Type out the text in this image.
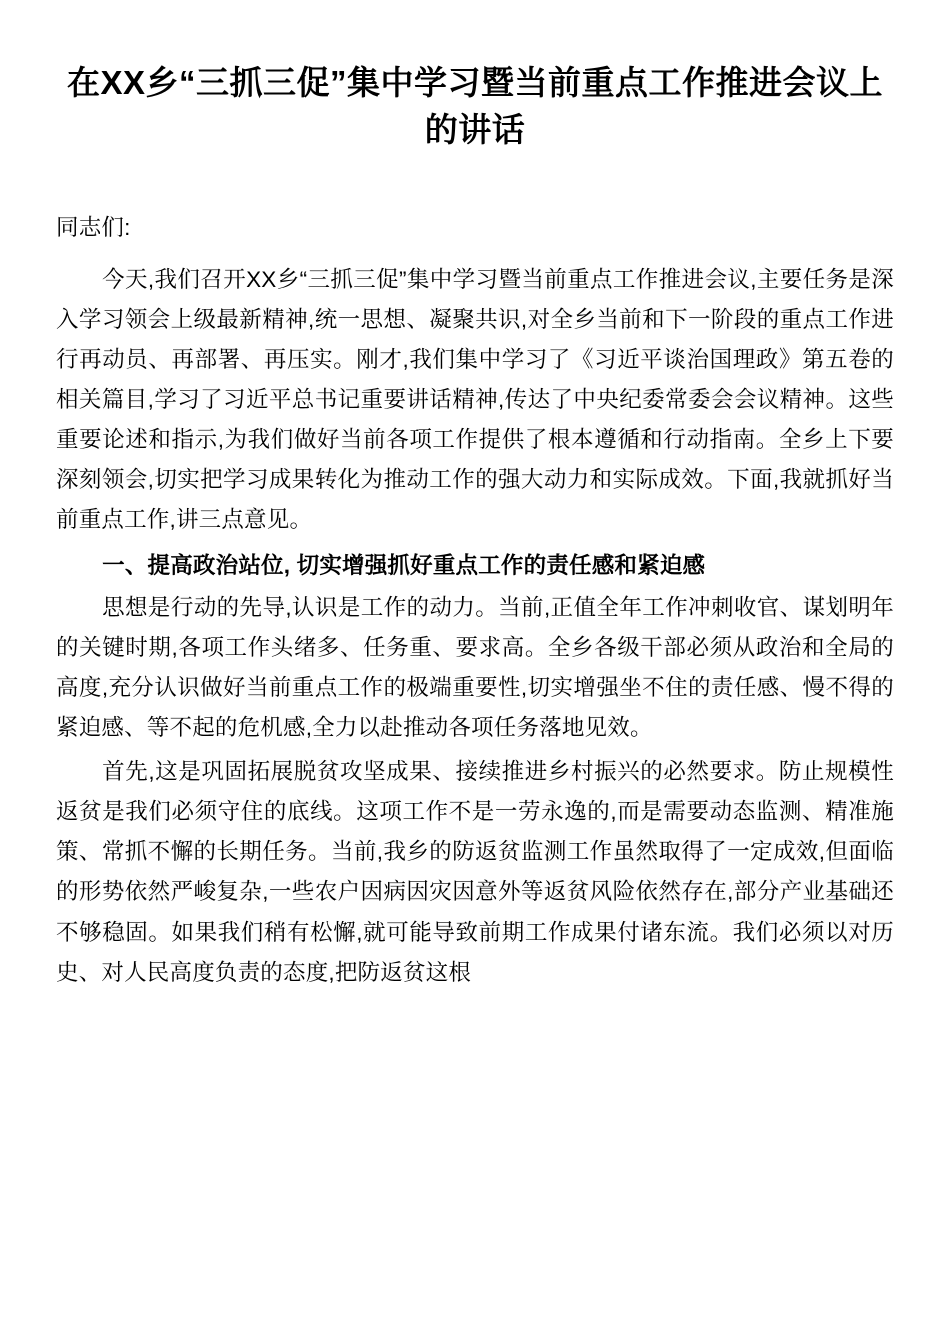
在XX乡“三抓三促”集中学习暨当前重点工作推进会议上的讲话

同志们:

今天,我们召开XX乡“三抓三促”集中学习暨当前重点工作推进会议,主要任务是深入学习领会上级最新精神,统一思想、凝聚共识,对全乡当前和下一阶段的重点工作进行再动员、再部署、再压实。刚才,我们集中学习了《习近平谈治国理政》第五卷的相关篇目,学习了习近平总书记重要讲话精神,传达了中央纪委常委会会议精神。这些重要论述和指示,为我们做好当前各项工作提供了根本遵循和行动指南。全乡上下要深刻领会,切实把学习成果转化为推动工作的强大动力和实际成效。下面,我就抓好当前重点工作,讲三点意见。

一、提高政治站位, 切实增强抓好重点工作的责任感和紧迫感

思想是行动的先导,认识是工作的动力。当前,正值全年工作冲刺收官、谋划明年的关键时期,各项工作头绪多、任务重、要求高。全乡各级干部必须从政治和全局的高度,充分认识做好当前重点工作的极端重要性,切实增强坐不住的责任感、慢不得的紧迫感、等不起的危机感,全力以赴推动各项任务落地见效。

首先,这是巩固拓展脱贫攻坚成果、接续推进乡村振兴的必然要求。防止规模性返贫是我们必须守住的底线。这项工作不是一劳永逸的,而是需要动态监测、精准施策、常抓不懈的长期任务。当前,我乡的防返贫监测工作虽然取得了一定成效,但面临的形势依然严峻复杂,一些农户因病因灾因意外等返贫风险依然存在,部分产业基础还不够稳固。如果我们稍有松懈,就可能导致前期工作成果付诸东流。我们必须以对历史、对人民高度负责的态度,把防返贫这根
